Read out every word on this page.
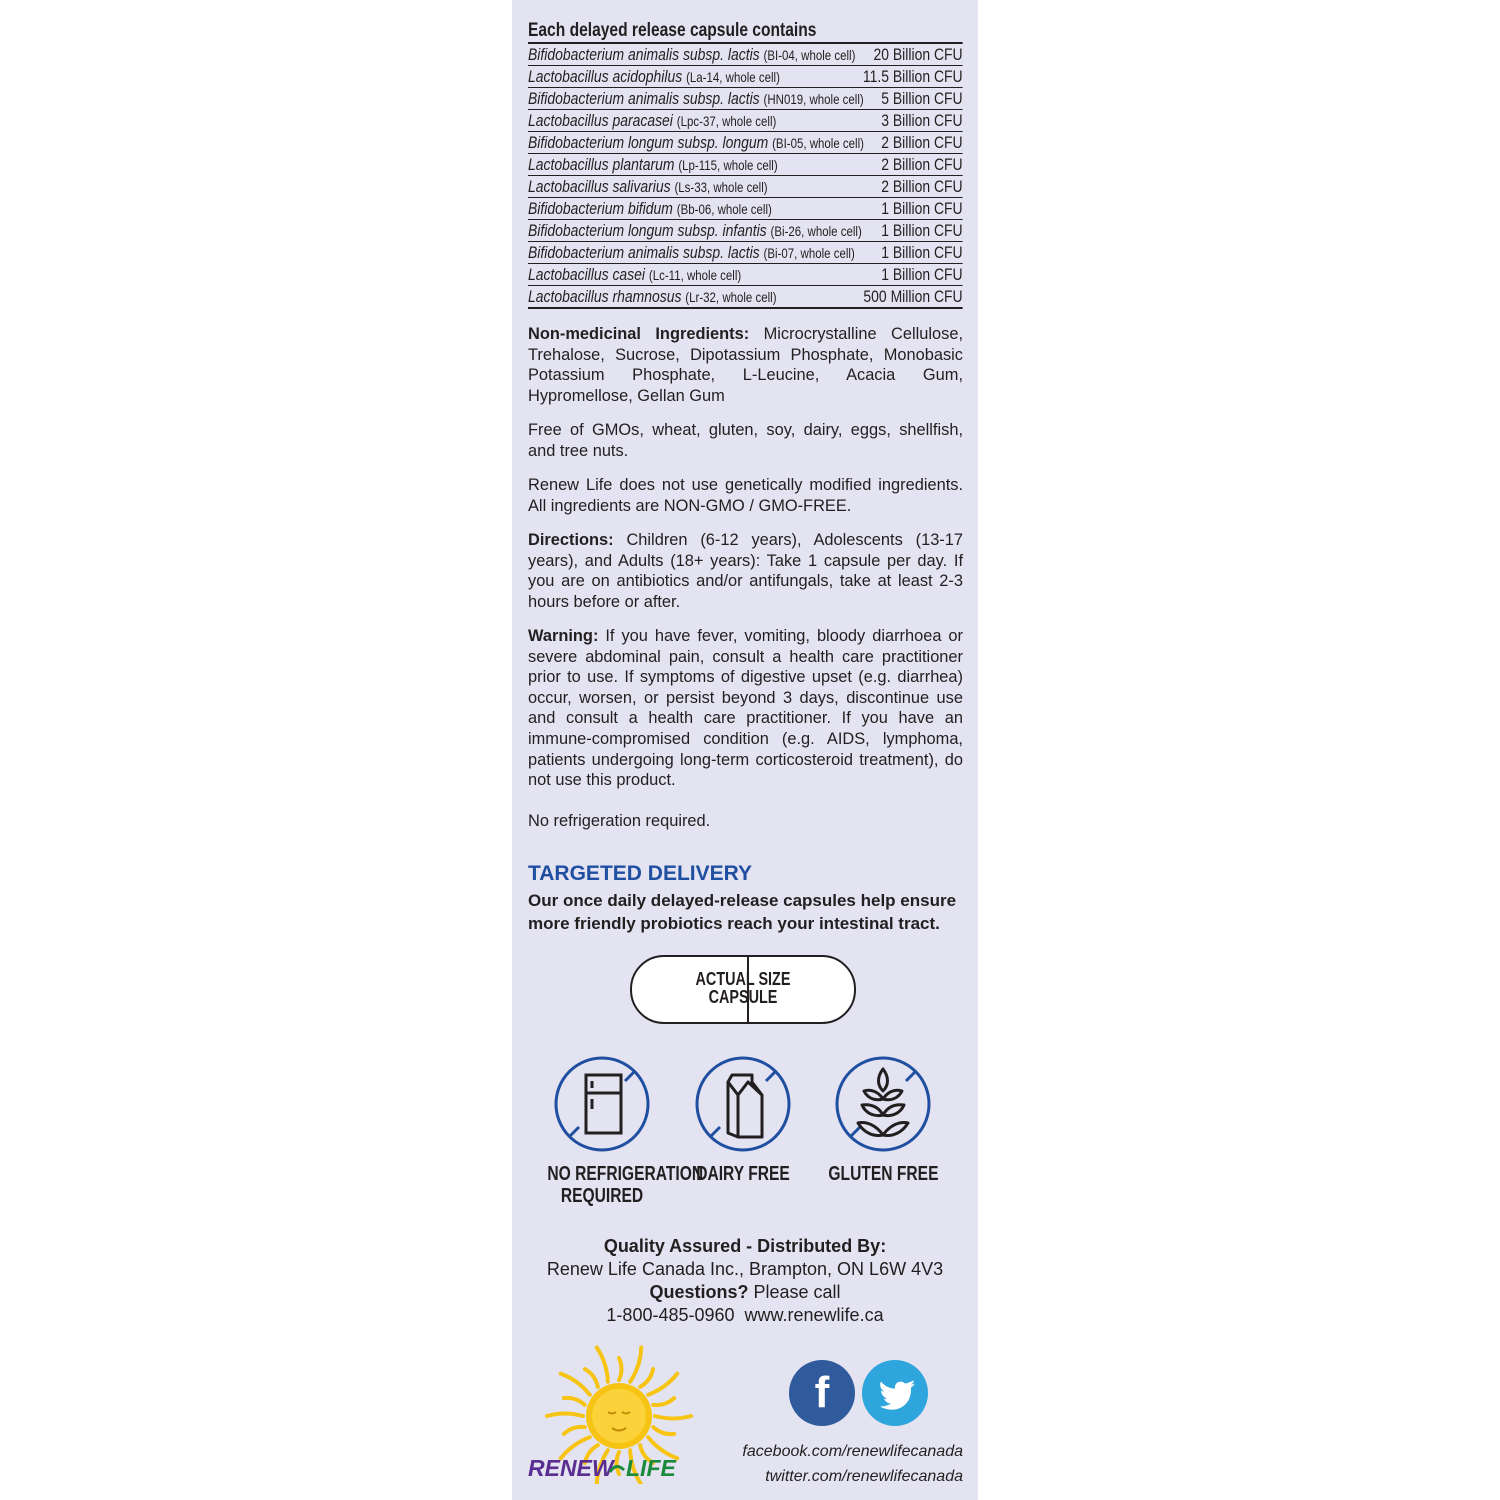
Each delayed release capsule contains
Bifidobacterium animalis subsp. lactis (BI-04, whole cell) 20 Billion CFU
Lactobacillus acidophilus (La-14, whole cell)	11.5 Billion CFU
Bifidobacterium animalis subsp. lactis (HN019, whole cell) 5 Billion CFU
Lactobacillus paracasei (Lpc-37, whole cell)	3 Billion CFU
Bifidobacterium longum subsp. longum (BI-05, whole cell) 2 Billion CFU
Lactobacillus plantarum (Lp-115, whole cell)	2 Billion CFU
Lactobacillus salivarius (Ls-33, whole cell)	2 Billion CFU
Bifidobacterium bifidum (Bb-06, whole cell)	1 Billion CFU
Bifidobacterium longum subsp. infantis (Bi-26, whole cell) 1 Billion CFU
Bifidobacterium animalis subsp. lactis (Bi-07, whole cell) 1 Billion CFU
Lactobacillus casei (Lc-11, whole cell)	1 Billion CFU
Lactobacillus rhamnosus (Lr-32, whole cell)	500 Million CFU

Non-medicinal Ingredients: Microcrystalline Cellulose, Trehalose, Sucrose, Dipotassium Phosphate, Monobasic Potassium Phosphate, L-Leucine, Acacia Gum, Hypromellose, Gellan Gum

Free of GMOs, wheat, gluten, soy, dairy, eggs, shellfish, and tree nuts.

Renew Life does not use genetically modified ingredients. All ingredients are NON-GMO / GMO-FREE.

Directions: Children (6-12 years), Adolescents (13-17 years), and Adults (18+ years): Take 1 capsule per day. If you are on antibiotics and/or antifungals, take at least 2-3 hours before or after.

Warning: If you have fever, vomiting, bloody diarrhoea or severe abdominal pain, consult a health care practitioner prior to use. If symptoms of digestive upset (e.g. diarrhea) occur, worsen, or persist beyond 3 days, discontinue use and consult a health care practitioner. If you have an immune-compromised condition (e.g. AIDS, lymphoma, patients undergoing long-term corticosteroid treatment), do not use this product.

No refrigeration required.

TARGETED DELIVERY
Our once daily delayed-release capsules help ensure more friendly probiotics reach your intestinal tract.
ACTUAL SIZE
CAPSULE
NO REFRIGERATION
REQUIRED
DAIRY FREE	GLUTEN FREE
Quality Assured - Distributed By:
Renew Life Canada Inc., Brampton, ON L6W 4V3
Questions? Please call
1-800-485-0960  www.renewlife.ca
RENEW LIFE
f
facebook.com/renewlifecanada
twitter.com/renewlifecanada
